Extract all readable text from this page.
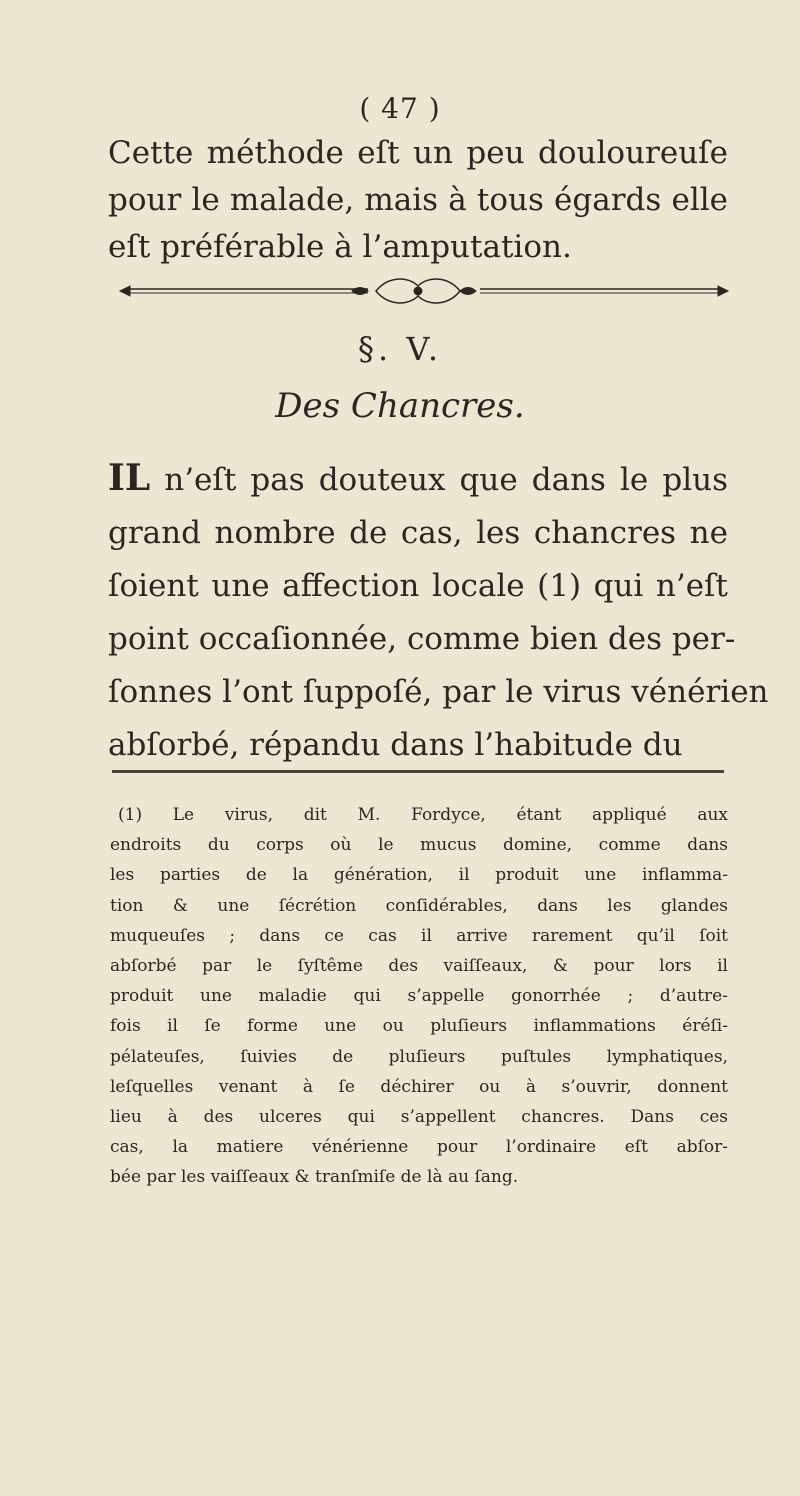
( 47 )
Cette méthode eſt un peu douloureuſe
pour le malade, mais à tous égards elle
eſt préférable à l’amputation.
§. V.
Des Chancres.
IL n’eſt pas douteux que dans le plus
grand nombre de cas, les chancres ne
ſoient une affection locale (1) qui n’eſt
point occaſionnée, comme bien des per-
ſonnes l’ont ſuppoſé, par le virus vénérien
abſorbé, répandu dans l’habitude du
(1) Le virus, dit M. Fordyce, étant appliqué aux
endroits du corps où le mucus domine, comme dans
les parties de la génération, il produit une inflamma-
tion & une ſécrétion conſidérables, dans les glandes
muqueuſes ; dans ce cas il arrive rarement qu’il ſoit
abſorbé par le ſyſtême des vaiſſeaux, & pour lors il
produit une maladie qui s’appelle gonorrhée ; d’autre-
fois il ſe forme une ou pluſieurs inflammations éréſi-
pélateuſes, ſuivies de pluſieurs puſtules lymphatiques,
leſquelles venant à ſe déchirer ou à s’ouvrir, donnent
lieu à des ulceres qui s’appellent chancres. Dans ces
cas, la matiere vénérienne pour l’ordinaire eſt abſor-
bée par les vaiſſeaux & tranſmiſe de là au ſang.
